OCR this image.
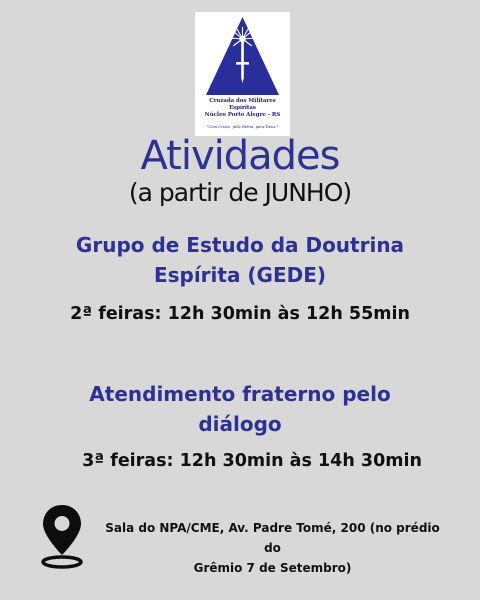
Cruzada dos Militares Espíritas
Núcleo Porto Alegre - RS
"Com Cristo, pela Pátria, para Deus."
Atividades
(a partir de JUNHO)
Grupo de Estudo da Doutrina
Espírita (GEDE)
2ª feiras: 12h 30min às 12h 55min
Atendimento fraterno pelo
diálogo
3ª feiras: 12h 30min às 14h 30min
Sala do NPA/CME, Av. Padre Tomé, 200 (no prédio do
Grêmio 7 de Setembro)
